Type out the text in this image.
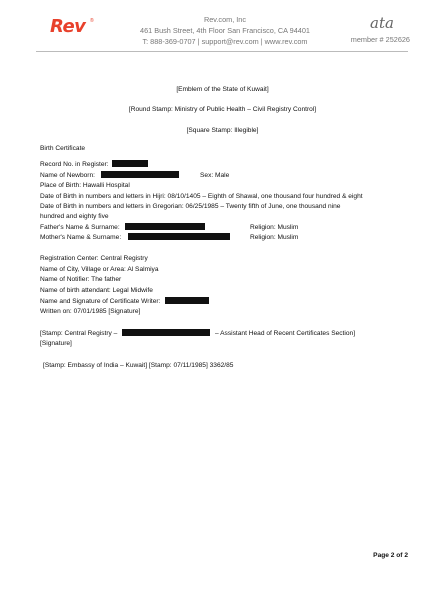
Rev ®	Rev.com, Inc
461 Bush Street, 4th Floor San Francisco, CA 94401
T: 888-369-0707 | support@rev.com | www.rev.com
ata
member # 252626
[Emblem of the State of Kuwait]
[Round Stamp: Ministry of Public Health – Civil Registry Control]
[Square Stamp: Illegible]
Birth Certificate
Record No. in Register:
Name of Newborn:	Sex: Male
Place of Birth: Hawalli Hospital
Date of Birth in numbers and letters in Hijri: 08/10/1405 – Eighth of Shawal, one thousand four hundred & eight
Date of Birth in numbers and letters in Gregorian: 06/25/1985 – Twenty fifth of June, one thousand nine
hundred and eighty five
Father's Name & Surname:	Religion: Muslim
Mother's Name & Surname:	Religion: Muslim
Registration Center: Central Registry
Name of City, Village or Area: Al Salmiya
Name of Notifier: The father
Name of birth attendant: Legal Midwife
Name and Signature of Certificate Writer:
Written on: 07/01/1985 [Signature]
[Stamp: Central Registry –	– Assistant Head of Recent Certificates Section]
[Signature]
[Stamp: Embassy of India – Kuwait] [Stamp: 07/11/1985] 3362/85
Page 2 of 2
